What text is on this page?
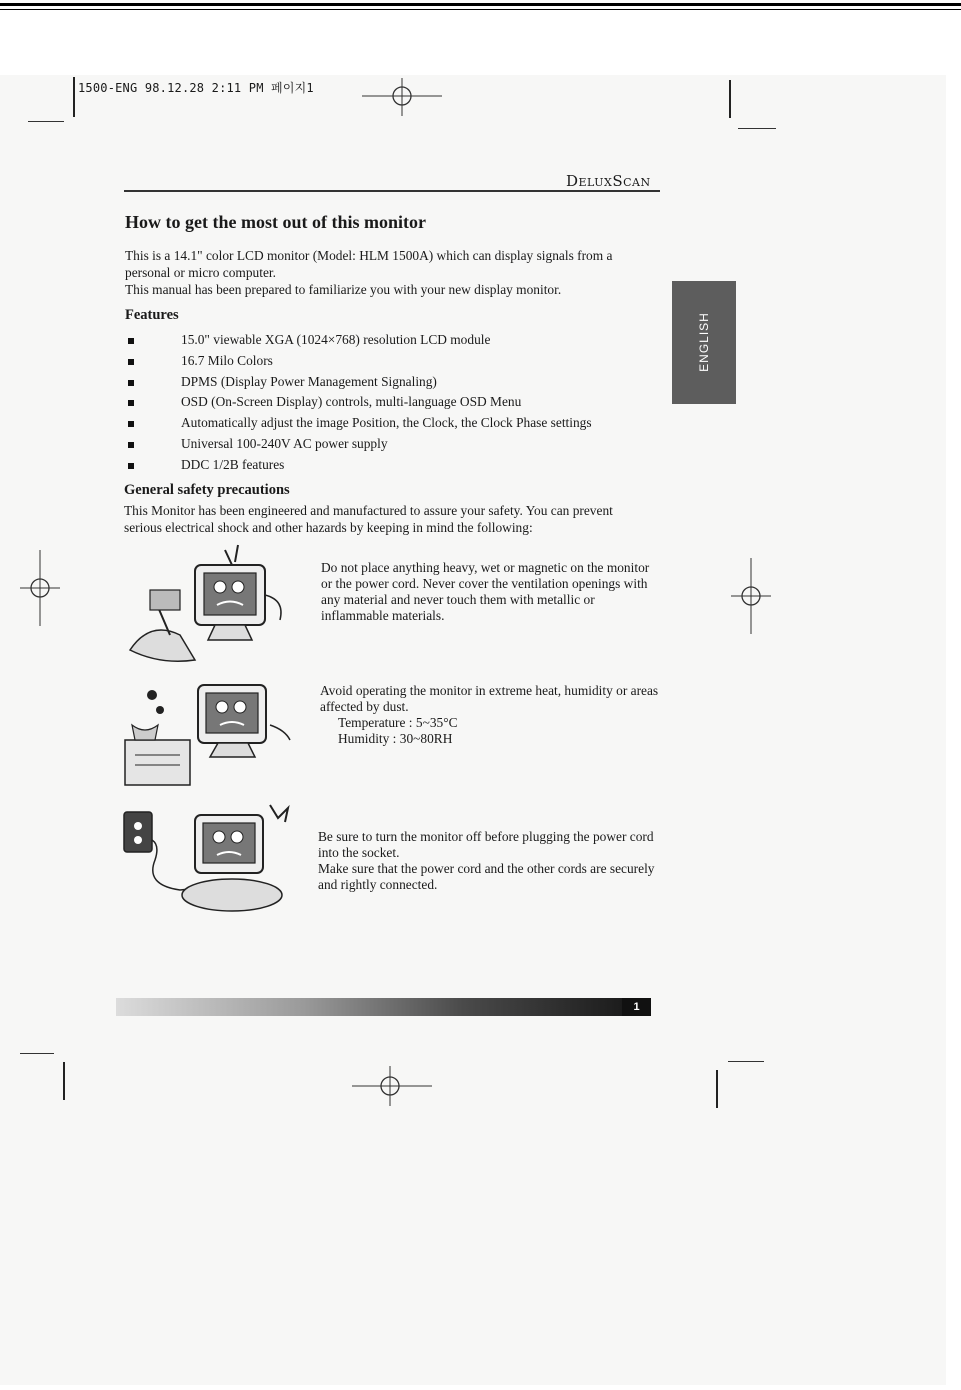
1500-ENG 98.12.28 2:11 PM 페이지1
DeluxScan
How to get the most out of this monitor

This is a 14.1" color LCD monitor (Model: HLM 1500A) which can display signals from a personal or micro computer.

This manual has been prepared to familiarize you with your new display monitor.

Features
15.0" viewable XGA (1024×768) resolution LCD module
16.7 Milo Colors
DPMS (Display Power Management Signaling)
OSD (On-Screen Display) controls, multi-language OSD Menu
Automatically adjust the image Position, the Clock, the Clock Phase settings
Universal 100-240V AC power supply
DDC 1/2B features
General safety precautions

This Monitor has been engineered and manufactured to assure your safety. You can prevent serious electrical shock and other hazards by keeping in mind the following:

ENGLISH

Do not place anything heavy, wet or magnetic on the monitor or the power cord. Never cover the ventilation openings with any material and never touch them with metallic or inflammable materials.

Avoid operating the monitor in extreme heat, humidity or areas affected by dust.

Temperature : 5~35°C

Humidity : 30~80RH

Be sure to turn the monitor off before plugging the power cord into the socket.

Make sure that the power cord and the other cords are securely and rightly connected.

1
